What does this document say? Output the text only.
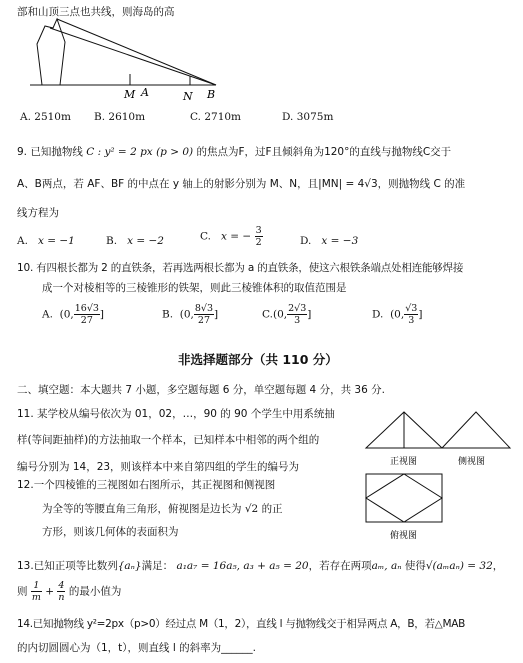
部和山顶三点也共线，则海岛的高
M A	N B
A. 2510m B. 2610m	C. 2710m	D. 3075m
9. 已知抛物线 C : y² = 2 px (p > 0) 的焦点为F，过F且倾斜角为120°的直线与抛物线C交于
A、B两点，若 AF、BF 的中点在 y 轴上的射影分别为 M、N，且|MN| = 4√3，则抛物线 C 的准
线方程为
A. x = −1	B. x = −2	C. x = − $\frac{3}{2}$	D. x = −3
10. 有四根长都为 2 的直铁条，若再选两根长都为 a 的直铁条，使这六根铁条端点处相连能够焊接
成一个对棱相等的三棱锥形的铁架，则此三棱锥体积的取值范围是
A. (0, $\frac{16√3}{27}$ ]	B. (0, $\frac{8√3}{27}$ ]	C.(0, $\frac{2√3}{3}$ ]	D. (0, $\frac{√3}{3}$ ]
非选择题部分（共 110 分）
二、填空题：本大题共 7 小题，多空题每题 6 分，单空题每题 4 分，共 36 分.
11. 某学校从编号依次为 01，02，…，90 的 90 个学生中用系统抽
样(等间距抽样)的方法抽取一个样本，已知样本中相邻的两个组的
编号分别为 14，23，则该样本中来自第四组的学生的编号为
12.一个四棱锥的三视图如右图所示，其正视图和侧视图
为全等的等腰直角三角形，俯视图是边长为 √2 的正
方形，则该几何体的表面积为
正视图	侧视图
俯视图
13.已知正项等比数列{aₙ}满足： a₁a₇ = 16a₅, a₃ + a₅ = 20，若存在两项aₘ, aₙ 使得√(aₘaₙ) = 32，
则 $\frac{1}{m} + \frac{4}{n}$ 的最小值为
14.已知抛物线 y²=2px（p>0）经过点 M（1，2），直线 l 与抛物线交于相异两点 A，B，若△MAB
的内切圆圆心为（1，t），则直线 l 的斜率为______.
